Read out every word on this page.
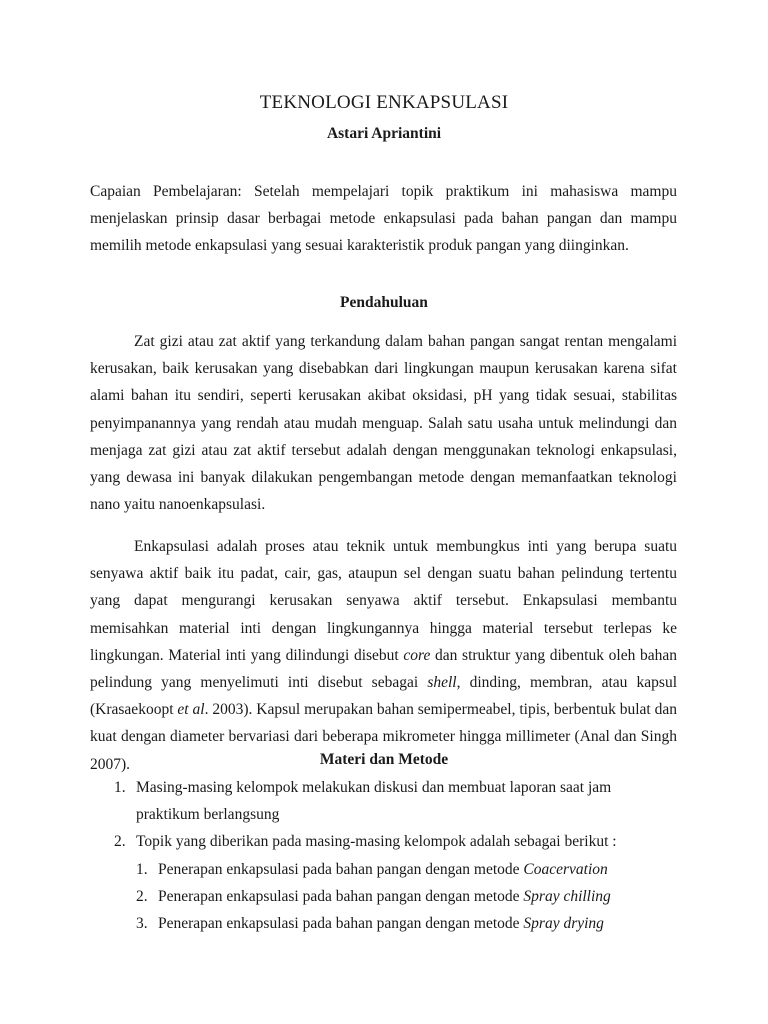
TEKNOLOGI ENKAPSULASI
Astari Apriantini

Capaian Pembelajaran: Setelah mempelajari topik praktikum ini mahasiswa mampu menjelaskan prinsip dasar berbagai metode enkapsulasi pada bahan pangan dan mampu memilih metode enkapsulasi yang sesuai karakteristik produk pangan yang diinginkan.

Pendahuluan

Zat gizi atau zat aktif yang terkandung dalam bahan pangan sangat rentan mengalami kerusakan, baik kerusakan yang disebabkan dari lingkungan maupun kerusakan karena sifat alami bahan itu sendiri, seperti kerusakan akibat oksidasi, pH yang tidak sesuai, stabilitas penyimpanannya yang rendah atau mudah menguap. Salah satu usaha untuk melindungi dan menjaga zat gizi atau zat aktif tersebut adalah dengan menggunakan teknologi enkapsulasi, yang dewasa ini banyak dilakukan pengembangan metode dengan memanfaatkan teknologi nano yaitu nanoenkapsulasi.

Enkapsulasi adalah proses atau teknik untuk membungkus inti yang berupa suatu senyawa aktif baik itu padat, cair, gas, ataupun sel dengan suatu bahan pelindung tertentu yang dapat mengurangi kerusakan senyawa aktif tersebut. Enkapsulasi membantu memisahkan material inti dengan lingkungannya hingga material tersebut terlepas ke lingkungan. Material inti yang dilindungi disebut core dan struktur yang dibentuk oleh bahan pelindung yang menyelimuti inti disebut sebagai shell, dinding, membran, atau kapsul (Krasaekoopt et al. 2003). Kapsul merupakan bahan semipermeabel, tipis, berbentuk bulat dan kuat dengan diameter bervariasi dari beberapa mikrometer hingga millimeter (Anal dan Singh 2007).	Materi dan Metode
1. Masing-masing kelompok melakukan diskusi dan membuat laporan saat jam praktikum berlangsung
2. Topik yang diberikan pada masing-masing kelompok adalah sebagai berikut :
1. Penerapan enkapsulasi pada bahan pangan dengan metode Coacervation
2. Penerapan enkapsulasi pada bahan pangan dengan metode Spray chilling
3. Penerapan enkapsulasi pada bahan pangan dengan metode Spray drying
